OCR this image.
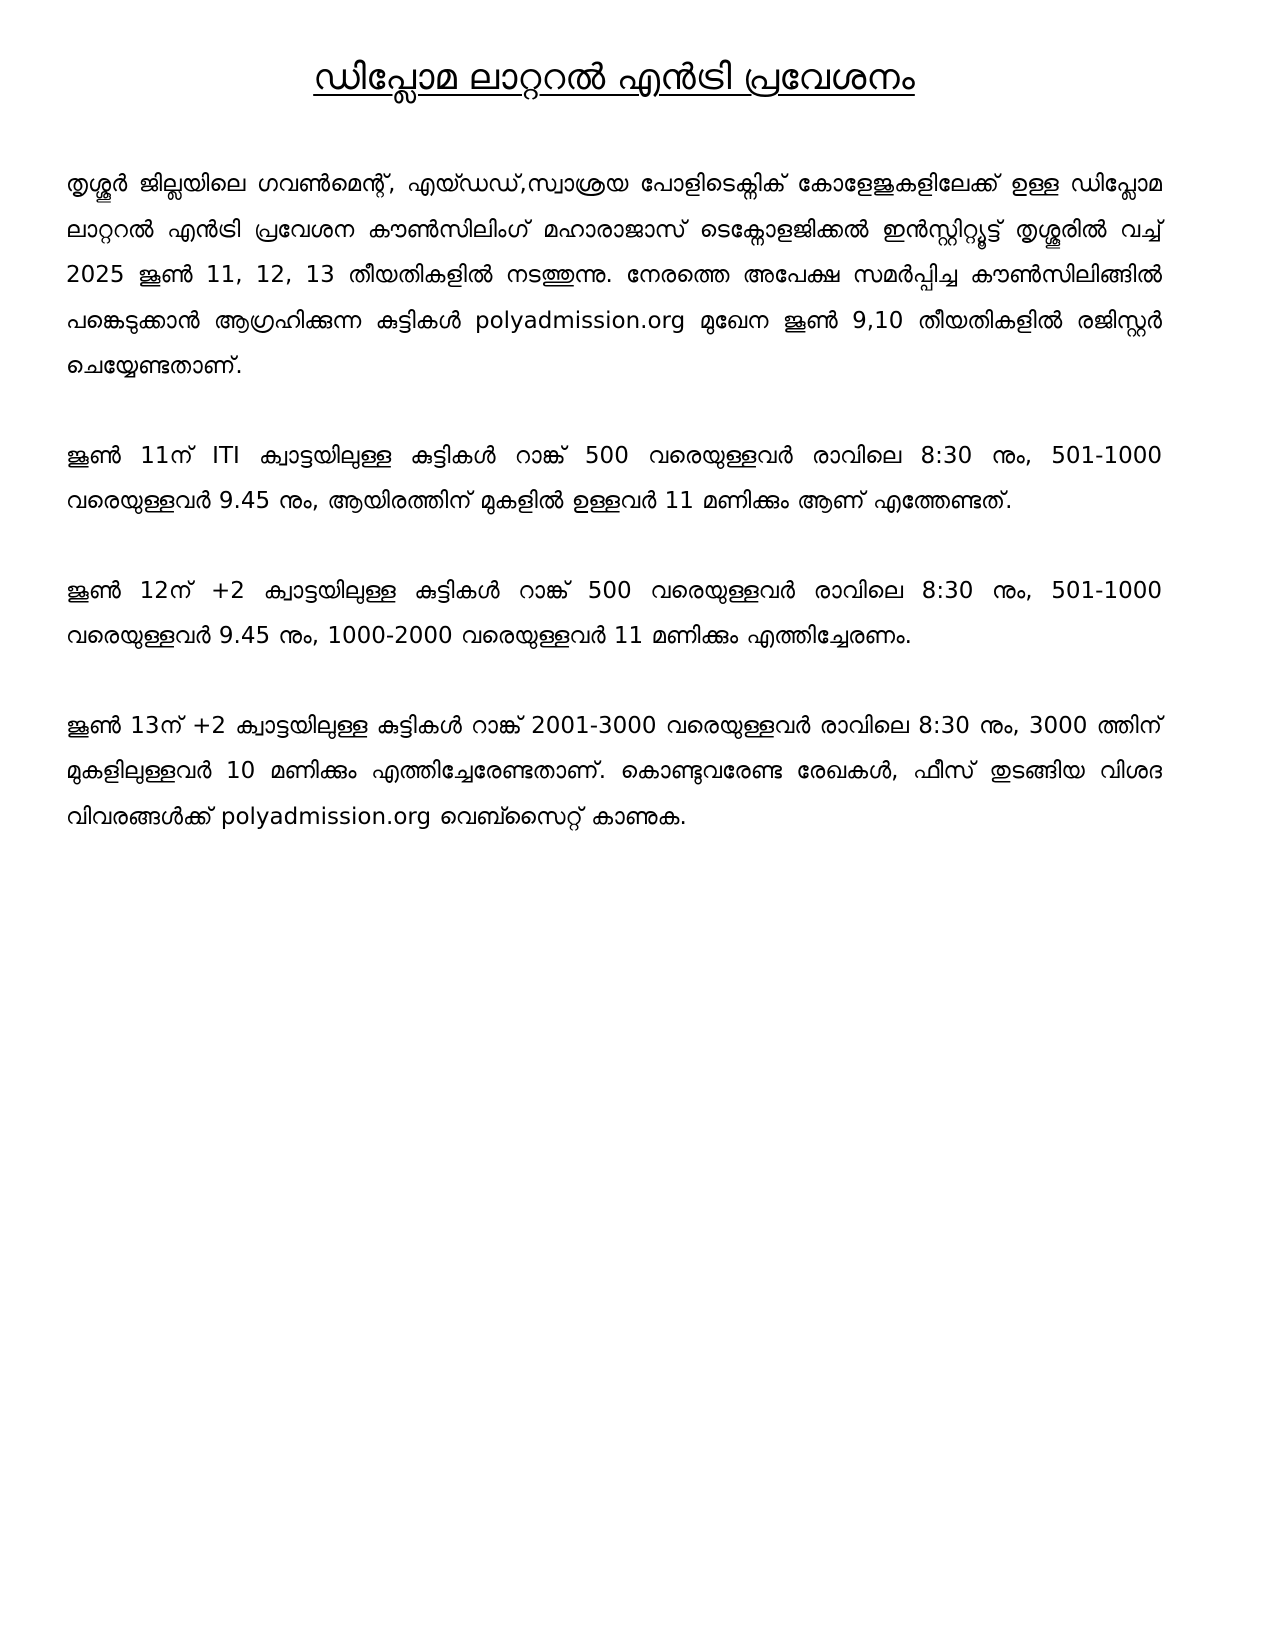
ഡിപ്ലോമ ലാറ്ററൽ എൻട്രി പ്രവേശനം

തൃശ്ശൂർ ജില്ലയിലെ ഗവൺമെന്റ്, എയ്ഡഡ്,സ്വാശ്രയ പോളിടെക്നിക് കോളേജുകളിലേക്ക് ഉള്ള ഡിപ്ലോമ ലാറ്ററൽ എൻട്രി പ്രവേശന കൗൺസിലിംഗ് മഹാരാജാസ് ടെക്നോളജിക്കൽ ഇൻസ്റ്റിറ്റ്യൂട്ട് തൃശ്ശൂരിൽ വച്ച് 2025 ജൂൺ 11, 12, 13 തീയതികളിൽ നടത്തുന്നു. നേരത്തെ അപേക്ഷ സമർപ്പിച്ച കൗൺസിലിങ്ങിൽ പങ്കെടുക്കാൻ ആഗ്രഹിക്കുന്ന കുട്ടികൾ polyadmission.org മുഖേന ജൂൺ 9,10 തീയതികളിൽ രജിസ്റ്റർ ചെയ്യേണ്ടതാണ്.

ജൂൺ 11ന് ITI ക്വാട്ടയിലുള്ള കുട്ടികൾ റാങ്ക് 500 വരെയുള്ളവർ രാവിലെ 8:30 നും, 501-1000 വരെയുള്ളവർ 9.45 നും, ആയിരത്തിന് മുകളിൽ ഉള്ളവർ 11 മണിക്കും ആണ് എത്തേണ്ടത്.

ജൂൺ 12ന് +2 ക്വാട്ടയിലുള്ള കുട്ടികൾ റാങ്ക് 500 വരെയുള്ളവർ രാവിലെ 8:30 നും, 501-1000 വരെയുള്ളവർ 9.45 നും, 1000-2000 വരെയുള്ളവർ 11 മണിക്കും എത്തിച്ചേരണം.

ജൂൺ 13ന് +2 ക്വാട്ടയിലുള്ള കുട്ടികൾ റാങ്ക് 2001-3000 വരെയുള്ളവർ രാവിലെ 8:30 നും, 3000 ത്തിന് മുകളിലുള്ളവർ 10 മണിക്കും എത്തിച്ചേരേണ്ടതാണ്. കൊണ്ടുവരേണ്ട രേഖകൾ, ഫീസ് തുടങ്ങിയ വിശദ വിവരങ്ങൾക്ക് polyadmission.org വെബ്സൈറ്റ് കാണുക.
